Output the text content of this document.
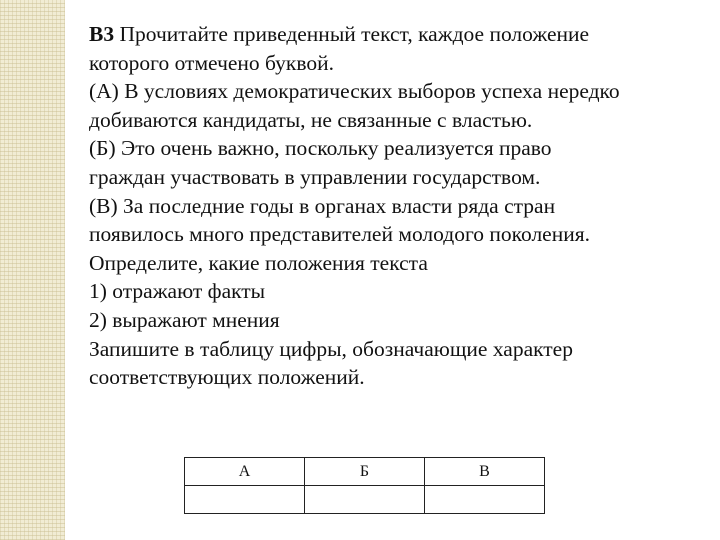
B3 Прочитайте приведенный текст, каждое положение
которого отмечено буквой.
(А) В условиях демократических выборов успеха нередко
добиваются кандидаты, не связанные с властью.
(Б) Это очень важно, поскольку реализуется право
граждан участвовать в управлении государством.
(В) За последние годы в органах власти ряда стран
появилось много представителей молодого поколения.
Определите, какие положения текста
1) отражают факты
2) выражают мнения
Запишите в таблицу цифры, обозначающие характер
соответствующих положений.
А	Б	В
